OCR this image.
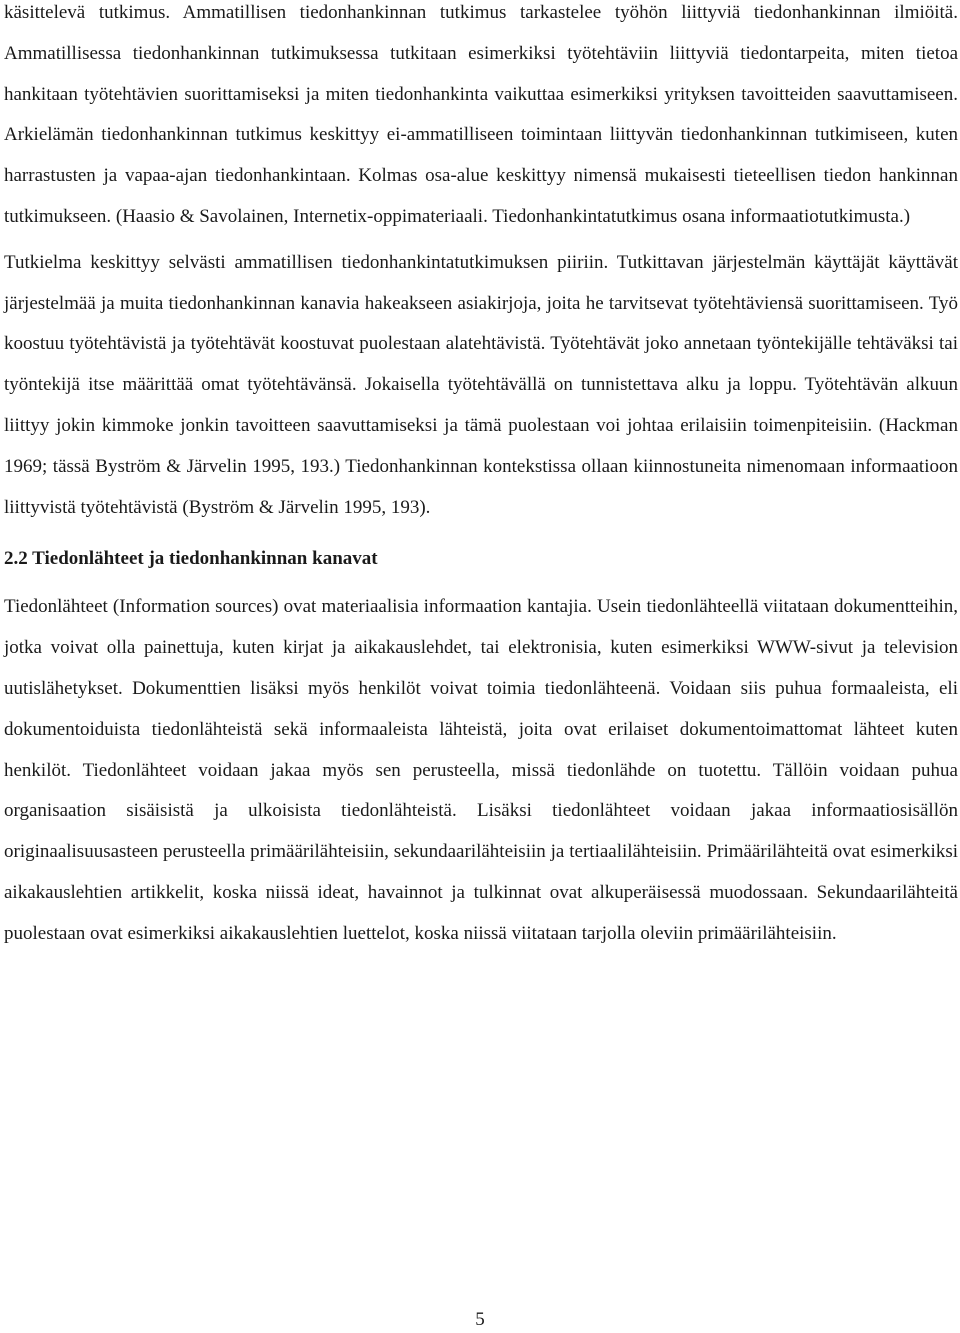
käsittelevä tutkimus. Ammatillisen tiedonhankinnan tutkimus tarkastelee työhön liittyviä tiedonhankinnan ilmiöitä. Ammatillisessa tiedonhankinnan tutkimuksessa tutkitaan esimerkiksi työtehtäviin liittyviä tiedontarpeita, miten tietoa hankitaan työtehtävien suorittamiseksi ja miten tiedonhankinta vaikuttaa esimerkiksi yrityksen tavoitteiden saavuttamiseen. Arkielämän tiedonhankinnan tutkimus keskittyy ei-ammatilliseen toimintaan liittyvän tiedonhankinnan tutkimiseen, kuten harrastusten ja vapaa-ajan tiedonhankintaan. Kolmas osa-alue keskittyy nimensä mukaisesti tieteellisen tiedon hankinnan tutkimukseen. (Haasio & Savolainen, Internetix-oppimateriaali. Tiedonhankintatutkimus osana informaatiotutkimusta.)

Tutkielma keskittyy selvästi ammatillisen tiedonhankintatutkimuksen piiriin. Tutkittavan järjestelmän käyttäjät käyttävät järjestelmää ja muita tiedonhankinnan kanavia hakeakseen asiakirjoja, joita he tarvitsevat työtehtäviensä suorittamiseen. Työ koostuu työtehtävistä ja työtehtävät koostuvat puolestaan alatehtävistä. Työtehtävät joko annetaan työntekijälle tehtäväksi tai työntekijä itse määrittää omat työtehtävänsä. Jokaisella työtehtävällä on tunnistettava alku ja loppu. Työtehtävän alkuun liittyy jokin kimmoke jonkin tavoitteen saavuttamiseksi ja tämä puolestaan voi johtaa erilaisiin toimenpiteisiin. (Hackman 1969; tässä Byström & Järvelin 1995, 193.) Tiedonhankinnan kontekstissa ollaan kiinnostuneita nimenomaan informaatioon liittyvistä työtehtävistä (Byström & Järvelin 1995, 193).

2.2 Tiedonlähteet ja tiedonhankinnan kanavat

Tiedonlähteet (Information sources) ovat materiaalisia informaation kantajia. Usein tiedonlähteellä viitataan dokumentteihin, jotka voivat olla painettuja, kuten kirjat ja aikakauslehdet, tai elektronisia, kuten esimerkiksi WWW-sivut ja television uutislähetykset. Dokumenttien lisäksi myös henkilöt voivat toimia tiedonlähteenä. Voidaan siis puhua formaaleista, eli dokumentoiduista tiedonlähteistä sekä informaaleista lähteistä, joita ovat erilaiset dokumentoimattomat lähteet kuten henkilöt. Tiedonlähteet voidaan jakaa myös sen perusteella, missä tiedonlähde on tuotettu. Tällöin voidaan puhua organisaation sisäisistä ja ulkoisista tiedonlähteistä. Lisäksi tiedonlähteet voidaan jakaa informaatiosisällön originaalisuusasteen perusteella primäärilähteisiin, sekundaarilähteisiin ja tertiaalilähteisiin. Primäärilähteitä ovat esimerkiksi aikakauslehtien artikkelit, koska niissä ideat, havainnot ja tulkinnat ovat alkuperäisessä muodossaan. Sekundaarilähteitä puolestaan ovat esimerkiksi aikakauslehtien luettelot, koska niissä viitataan tarjolla oleviin primäärilähteisiin.

5
